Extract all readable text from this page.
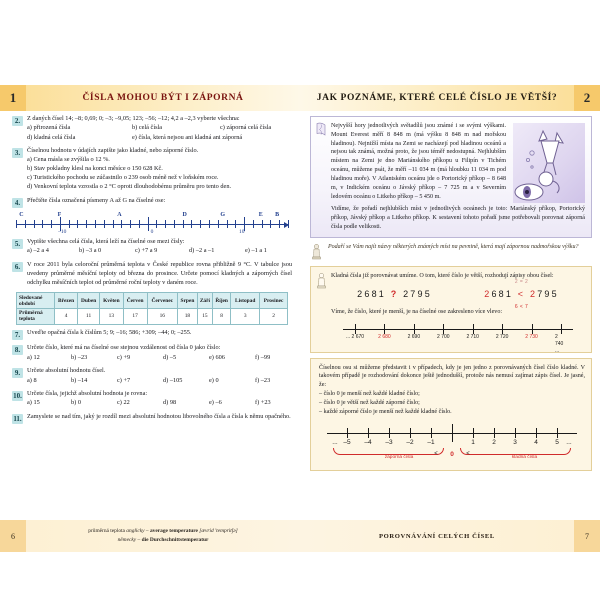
1	ČÍSLA MOHOU BÝT I ZÁPORNÁ
2.	Z daných čísel 14; –8; 0,69; 0; –3; –9,05; 123; –56; –12; 4,2 a –2,3 vyberte všechna:
a) přirozená čísla	b) celá čísla	c) záporná celá čísla
d) kladná celá čísla	e) čísla, která nejsou ani kladná ani záporná
3.	Číselnou hodnotu v údajích zapište jako kladné, nebo záporné číslo.
a) Cena másla se zvýšila o 12 %.
b) Stav pokladny klesl na konci měsíce o 150 628 Kč.
c) Turistického pochodu se zúčastnilo o 239 osob méně než v loňském roce.
d) Venkovní teplota vzrostla o 2 °C oproti dlouhodobému průměru pro tento den.
4.	Přečtěte čísla označená písmeny A až G na číselné ose:
C	F	A	D	G	E B
–10	0	10
5.	Vypište všechna celá čísla, která leží na číselné ose mezi čísly:
a) –2 a 4	b) –3 a 0	c) +7 a 9	d) –2 a –1	e) –1 a 1
6.	V roce 2011 byla celoroční průměrná teplota v České republice rovna přibližně 9 °C. V tabulce jsou uvedeny průměrné měsíční teploty od března do prosince. Určete pomocí kladných a záporných čísel odchylku měsíčních teplot od průměrné roční teploty v daném roce.
Sledované období	Březen	Duben	Květen	Červen	Červenec	Srpen	Září	Říjen	Listopad	Prosinec
Průměrná teplota	4	11	13	17	16	18	15	8	3	2
7.	Uveďte opačná čísla k číslům 5; 9; –16; 586; +309; –44; 0; –255.
8.	Určete číslo, které má na číselné ose stejnou vzdálenost od čísla 0 jako číslo:
a) 12	b) –23	c) +9	d) –5	e) 606	f) –99
9.	Určete absolutní hodnotu čísel.
a) 8	b) –14	c) +7	d) –105	e) 0	f) –23
10. Určete čísla, jejichž absolutní hodnota je rovna:
a) 15	b) 0	c) 22	d) 98	e) –6	f) +23
11. Zamyslete se nad tím, jaký je rozdíl mezi absolutní hodnotou libovolného čísla a čísla k němu opačného.
2
JAK POZNÁME, KTERÉ CELÉ ČÍSLO JE VĚTŠÍ?
Nejvyšší hory jednotlivých světadílů jsou známé i se svými výškami. Mount Everest měří 8 848 m (má výšku 8 848 m nad mořskou hladinou). Nejnižší místa na Zemi se nacházejí pod hladinou oceánů a nejsou tak známá, možná proto, že jsou téměř nedostupná. Nejhlubším místem na Zemi je dno Mariánského příkopu u Filipín v Tichém oceánu, můžeme psát, že měří –11 034 m (má hloubku 11 034 m pod hladinou moře). V Atlantském oceánu jde o Portorický příkop – 8 648 m, v Indickém oceánu o Jávský příkop – 7 725 m a v Severním ledovém oceánu o Litkeho příkop – 5 450 m.
Vidíme, že pořadí nejhlubších míst v jednotlivých oceánech je toto: Mariánský příkop, Portorický příkop, Jávský příkop a Litkeho příkop. K sestavení tohoto pořadí jsme potřebovali porovnat záporná čísla podle velikosti.
Podaří se Vám najít názvy některých známých míst na pevnině, která mají zápornou nadmořskou výšku?
Kladná čísla již porovnávat umíme. O tom, které číslo je větší, rozhodují zápisy obou čísel:
2681 ? 2795
2 = 2
2681 < 2795
6 < 7
Víme, že číslo, které je menší, je na číselné ose zakresleno více vlevo:
... 2 670	2 680	2 690	2 700	2 710	2 720	2 730	2 740 ...
Číselnou osu si můžeme představit i v případech, kdy je jen jedno z porovnávaných čísel číslo kladné. V takovém případě je rozhodování dokonce ještě jednodušší, protože nás nemusí zajímat zápis čísel. Je jasné, že:
– číslo 0 je menší než každé kladné číslo;
– číslo 0 je větší než každé záporné číslo;
– každé záporné číslo je menší než každé kladné číslo.
–5 –4 –3 –2 –1
0
1	2	3	4	5
...	...
záporná čísla	kladná čísla
<	<
6
průměrná teplota anglicky – average temperature [ævrid 'temprit∫ə]
německy – die Durchschnittstemperatur	7
POROVNÁVÁNÍ CELÝCH ČÍSEL
